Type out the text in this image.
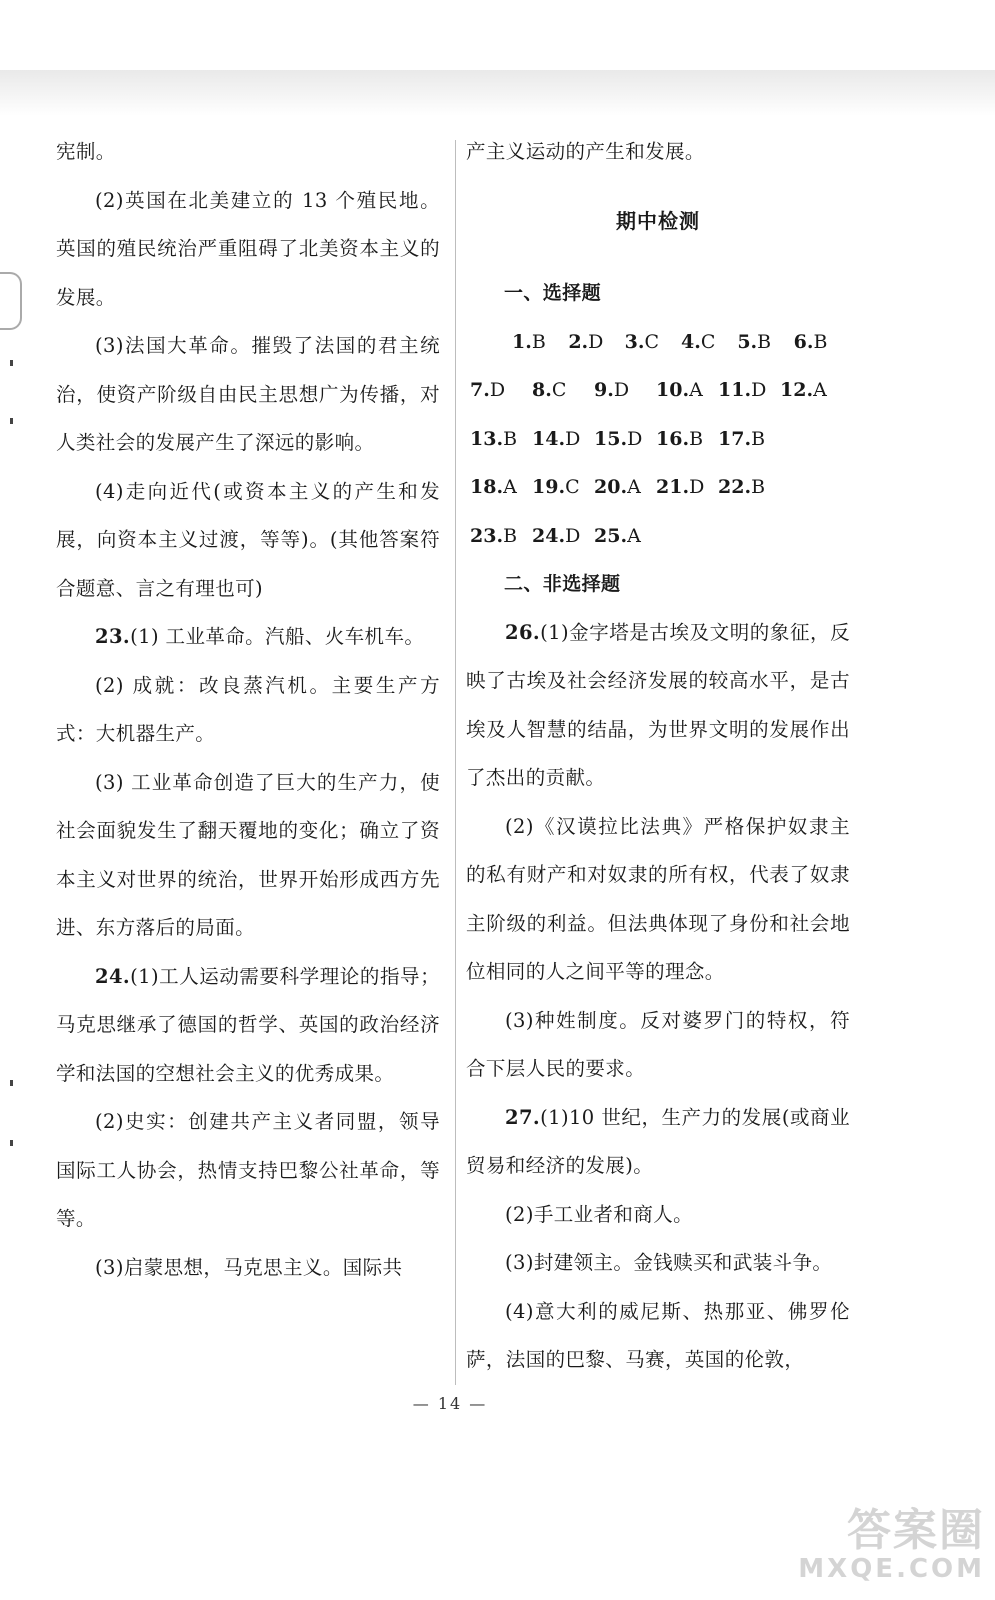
宪制。

(2)英国在北美建立的 13 个殖民地。英国的殖民统治严重阻碍了北美资本主义的发展。

(3)法国大革命。摧毁了法国的君主统治，使资产阶级自由民主思想广为传播，对人类社会的发展产生了深远的影响。

(4)走向近代(或资本主义的产生和发展，向资本主义过渡，等等)。(其他答案符合题意、言之有理也可)

23.(1) 工业革命。汽船、火车机车。

(2) 成就：改良蒸汽机。主要生产方式：大机器生产。

(3) 工业革命创造了巨大的生产力，使社会面貌发生了翻天覆地的变化；确立了资本主义对世界的统治，世界开始形成西方先进、东方落后的局面。

24.(1)工人运动需要科学理论的指导；马克思继承了德国的哲学、英国的政治经济学和法国的空想社会主义的优秀成果。

(2)史实：创建共产主义者同盟，领导国际工人协会，热情支持巴黎公社革命，等等。

(3)启蒙思想，马克思主义。国际共

产主义运动的产生和发展。

期中检测

一、选择题

1.B	2.D	3.C	4.C	5.B	6.B
7.D	8.C	9.D	10.A 11.D 12.A
13.B 14.D 15.D 16.B 17.B
18.A 19.C 20.A 21.D 22.B
23.B 24.D 25.A

二、非选择题

26.(1)金字塔是古埃及文明的象征，反映了古埃及社会经济发展的较高水平，是古埃及人智慧的结晶，为世界文明的发展作出了杰出的贡献。

(2)《汉谟拉比法典》严格保护奴隶主的私有财产和对奴隶的所有权，代表了奴隶主阶级的利益。但法典体现了身份和社会地位相同的人之间平等的理念。

(3)种姓制度。反对婆罗门的特权，符合下层人民的要求。

27.(1)10 世纪，生产力的发展(或商业贸易和经济的发展)。

(2)手工业者和商人。

(3)封建领主。金钱赎买和武装斗争。

(4)意大利的威尼斯、热那亚、佛罗伦萨，法国的巴黎、马赛，英国的伦敦，

— 14 —
答案圈
MXQE.COM
